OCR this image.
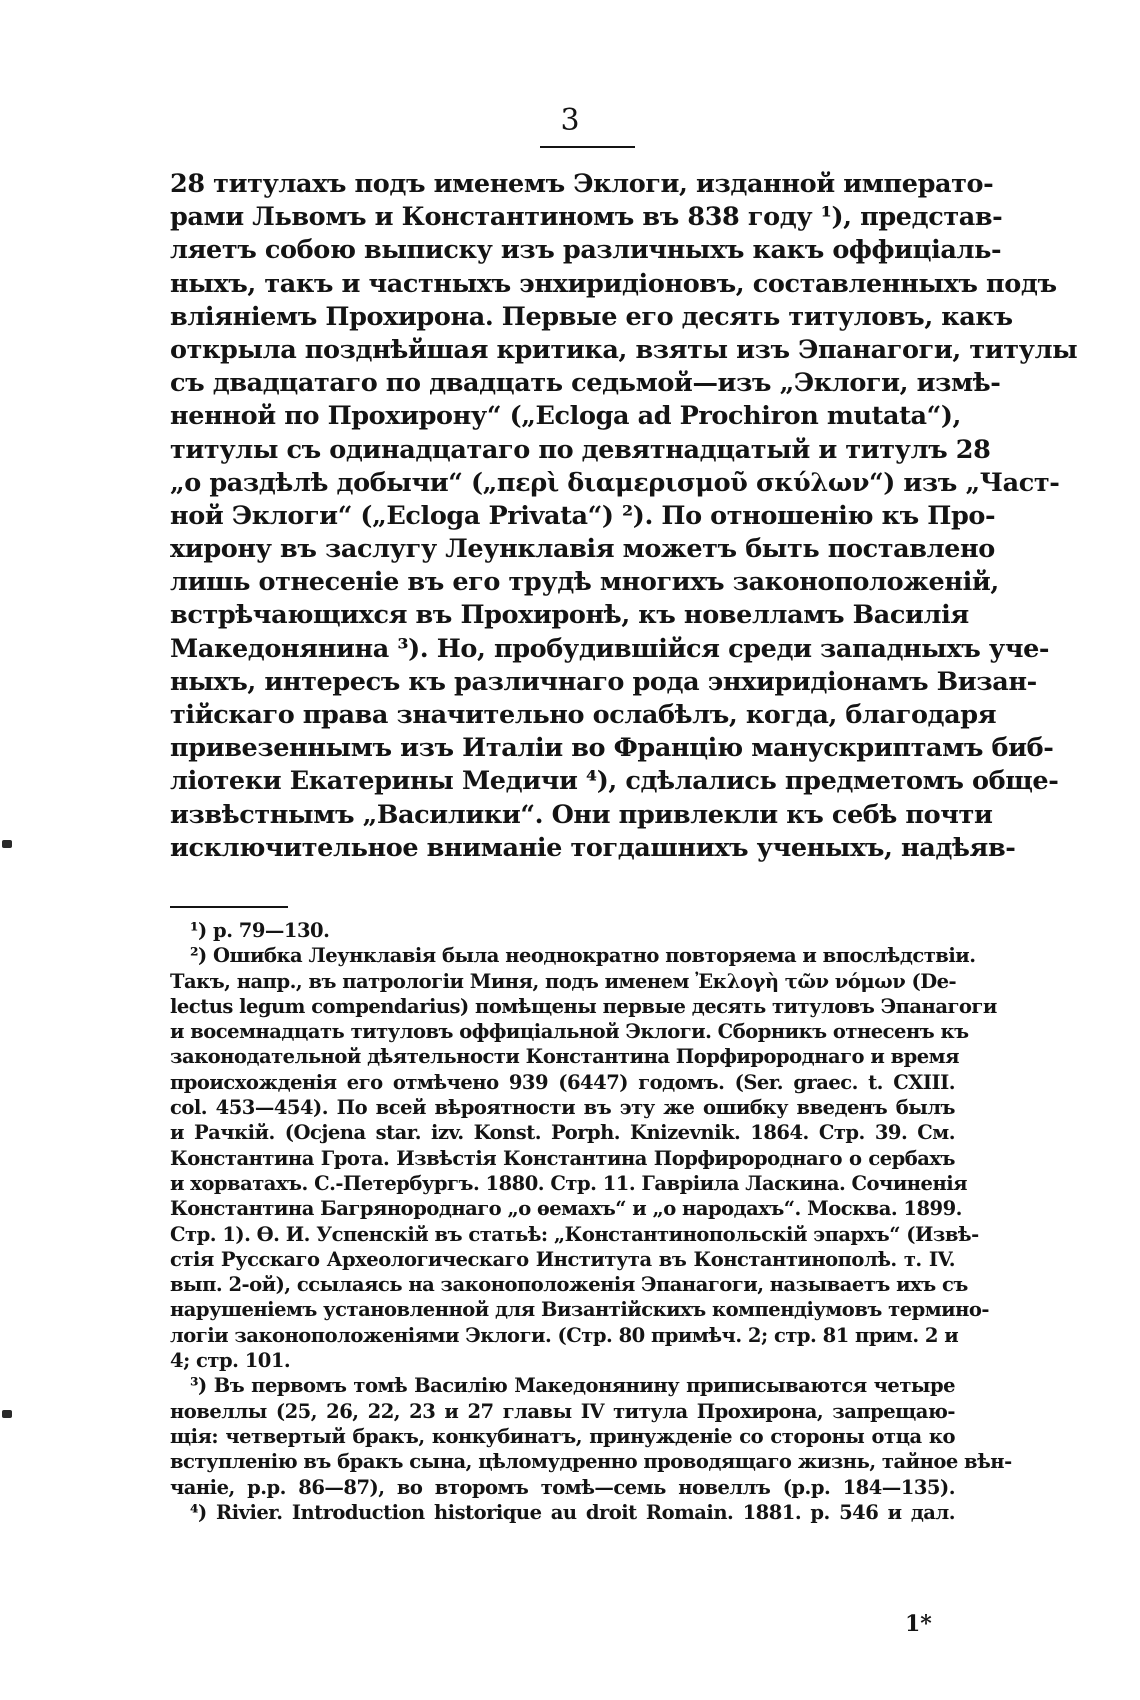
3
28 титулахъ подъ именемъ Эклоги, изданной императо-
рами Львомъ и Константиномъ въ 838 году ¹), представ-
ляетъ собою выписку изъ различныхъ какъ оффиціаль-
ныхъ, такъ и частныхъ энхиридіоновъ, составленныхъ подъ
вліяніемъ Прохирона. Первые его десять титуловъ, какъ
открыла позднѣйшая критика, взяты изъ Эпанагоги, титулы
съ двадцатаго по двадцать седьмой—изъ „Эклоги, измѣ-
ненной по Прохирону“ („Ecloga ad Prochiron mutata“),
титулы съ одинадцатаго по девятнадцатый и титулъ 28
„о раздѣлѣ добычи“ („περὶ διαμερισμοῦ σκύλων“) изъ „Част-
ной Эклоги“ („Ecloga Privata“) ²). По отношенію къ Про-
хирону въ заслугу Леунклавія можетъ быть поставлено
лишь отнесеніе въ его трудѣ многихъ законоположеній,
встрѣчающихся въ Прохиронѣ, къ новелламъ Василія
Македонянина ³). Но, пробудившійся среди западныхъ уче-
ныхъ, интересъ къ различнаго рода энхиридіонамъ Визан-
тійскаго права значительно ослабѣлъ, когда, благодаря
привезеннымъ изъ Италіи во Францію манускриптамъ биб-
ліотеки Екатерины Медичи ⁴), сдѣлались предметомъ обще-
извѣстнымъ „Василики“. Они привлекли къ себѣ почти
исключительное вниманіе тогдашнихъ ученыхъ, надѣяв-
¹) p. 79—130.
²) Ошибка Леунклавія была неоднократно повторяема и впослѣдствіи.
Такъ, напр., въ патрологіи Миня, подъ именем Ἐκλογὴ τῶν νόμων (De-
lectus legum compendarius) помѣщены первые десять титуловъ Эпанагоги
и восемнадцать титуловъ оффиціальной Эклоги. Сборникъ отнесенъ къ
законодательной дѣятельности Константина Порфиророднаго и время
происхожденія его отмѣчено 939 (6447) годомъ. (Ser. graec. t. CXIII.
col. 453—454). По всей вѣроятности въ эту же ошибку введенъ былъ
и Рачкій. (Ocjena star. izv. Konst. Porph. Knizevnik. 1864. Стр. 39. См.
Константина Грота. Извѣстія Константина Порфиророднаго о сербахъ
и хорватахъ. С.-Петербургъ. 1880. Стр. 11. Гавріила Ласкина. Сочиненія
Константина Багрянороднаго „о ѳемахъ“ и „о народахъ“. Москва. 1899.
Стр. 1). Ѳ. И. Успенскій въ статьѣ: „Константинопольскій эпархъ“ (Извѣ-
стія Русскаго Археологическаго Института въ Константинополѣ. т. IV.
вып. 2-ой), ссылаясь на законоположенія Эпанагоги, называетъ ихъ съ
нарушеніемъ установленной для Византійскихъ компендіумовъ термино-
логіи законоположеніями Эклоги. (Стр. 80 примѣч. 2; стр. 81 прим. 2 и
4; стр. 101.
³) Въ первомъ томѣ Василію Македонянину приписываются четыре
новеллы (25, 26, 22, 23 и 27 главы IV титула Прохирона, запрещаю-
щія: четвертый бракъ, конкубинатъ, принужденіе со стороны отца ко
вступленію въ бракъ сына, цѣломудренно проводящаго жизнь, тайное вѣн-
чаніе, p.p. 86—87), во второмъ томѣ—семь новеллъ (p.p. 184—135).
⁴) Rivier. Introduction historique au droit Romain. 1881. p. 546 и дал.
1*
